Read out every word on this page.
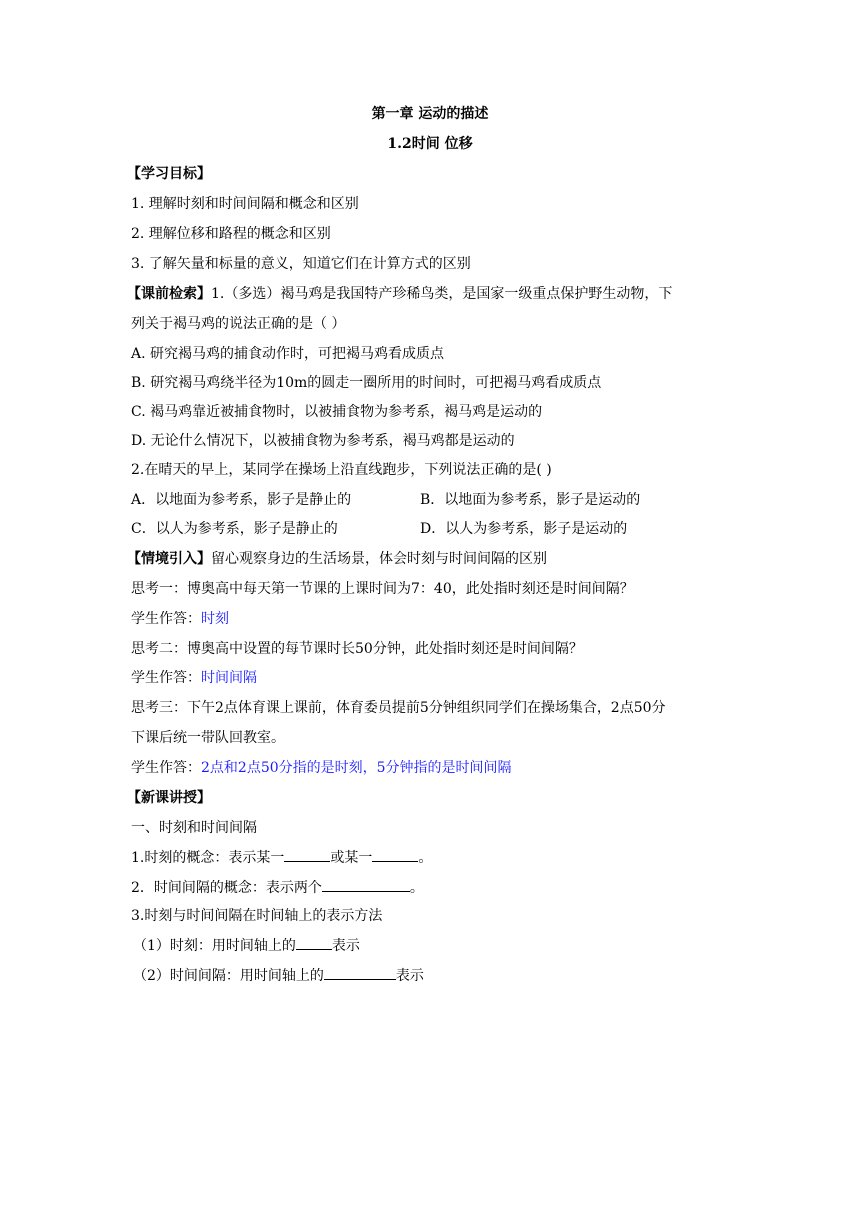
第一章 运动的描述
1.2时间 位移
【学习目标】
1. 理解时刻和时间间隔和概念和区别
2. 理解位移和路程的概念和区别
3. 了解矢量和标量的意义，知道它们在计算方式的区别
【课前检索】1.（多选）褐马鸡是我国特产珍稀鸟类，是国家一级重点保护野生动物，下
列关于褐马鸡的说法正确的是（ ）
A. 研究褐马鸡的捕食动作时，可把褐马鸡看成质点
B. 研究褐马鸡绕半径为10m的圆走一圈所用的时间时，可把褐马鸡看成质点
C. 褐马鸡靠近被捕食物时，以被捕食物为参考系，褐马鸡是运动的
D. 无论什么情况下，以被捕食物为参考系，褐马鸡都是运动的
2.在晴天的早上，某同学在操场上沿直线跑步，下列说法正确的是( )
A．以地面为参考系，影子是静止的	B．以地面为参考系，影子是运动的
C．以人为参考系，影子是静止的	D．以人为参考系，影子是运动的
【情境引入】留心观察身边的生活场景，体会时刻与时间间隔的区别
思考一：博奥高中每天第一节课的上课时间为7：40，此处指时刻还是时间间隔？
学生作答：时刻
思考二：博奥高中设置的每节课时长50分钟，此处指时刻还是时间间隔？
学生作答：时间间隔
思考三：下午2点体育课上课前，体育委员提前5分钟组织同学们在操场集合，2点50分
下课后统一带队回教室。
学生作答：2点和2点50分指的是时刻，5分钟指的是时间间隔
【新课讲授】
一、时刻和时间间隔
1.时刻的概念：表示某一	或某一	。
2．时间间隔的概念：表示两个	。
3.时刻与时间间隔在时间轴上的表示方法
（1）时刻：用时间轴上的	表示
（2）时间间隔：用时间轴上的	表示
